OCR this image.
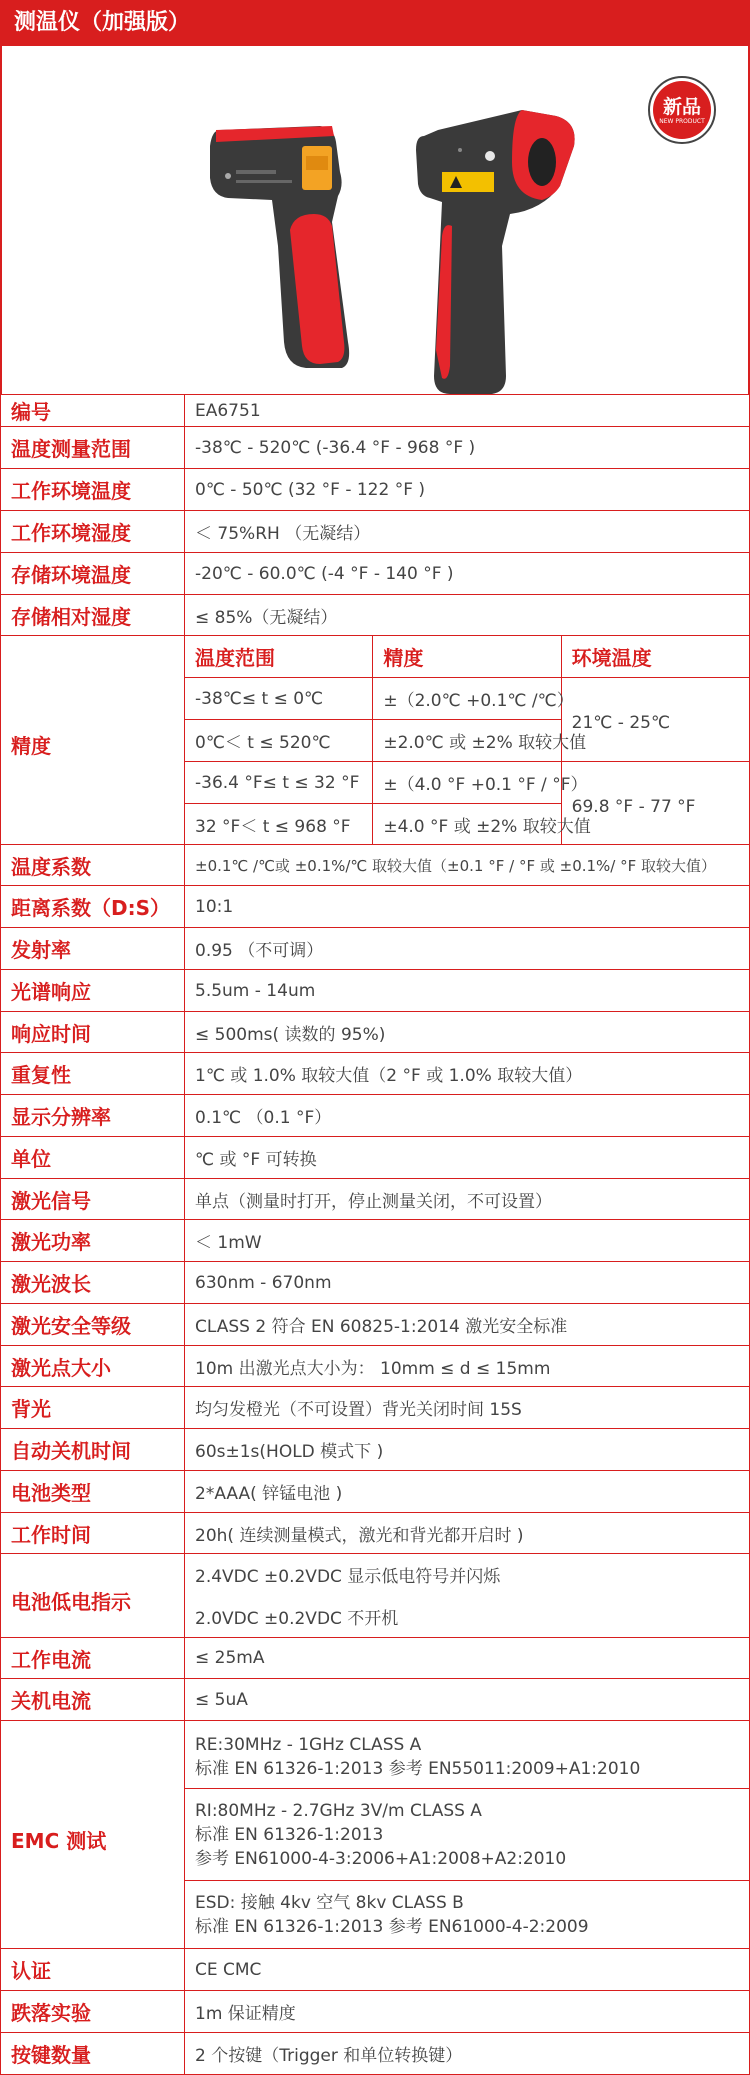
测温仪（加强版）
新品
NEW PRODUCT
编号	EA6751		
温度测量范围	-38℃ - 520℃ (-36.4 °F - 968 °F )		
工作环境温度	0℃ - 50℃ (32 °F - 122 °F )		
工作环境湿度	＜ 75%RH （无凝结）		
存储环境温度	-20℃ - 60.0℃ (-4 °F - 140 °F )		
存储相对湿度	≤ 85%（无凝结）		
精度	温度范围	精度	环境温度
	-38℃≤ t ≤ 0℃	±（2.0℃ +0.1℃ /℃）	21℃ - 25℃
	0℃＜ t ≤ 520℃	±2.0℃ 或 ±2% 取较大值	
	-36.4 °F≤ t ≤ 32 °F	±（4.0 °F +0.1 °F / °F）	69.8 °F - 77 °F
	32 °F＜ t ≤ 968 °F	±4.0 °F 或 ±2% 取较大值	
温度系数	±0.1℃ /℃或 ±0.1%/℃ 取较大值（±0.1 °F / °F 或 ±0.1%/ °F 取较大值）		
距离系数（D:S）	10:1		
发射率	0.95 （不可调）		
光谱响应	5.5um - 14um		
响应时间	≤ 500ms( 读数的 95%)		
重复性	1℃ 或 1.0% 取较大值（2 °F 或 1.0% 取较大值）		
显示分辨率	0.1℃ （0.1 °F）		
单位	℃ 或 °F 可转换		
激光信号	单点（测量时打开，停止测量关闭，不可设置）		
激光功率	＜ 1mW		
激光波长	630nm - 670nm		
激光安全等级	CLASS 2 符合 EN 60825-1:2014 激光安全标准		
激光点大小	10m 出激光点大小为： 10mm ≤ d ≤ 15mm		
背光	均匀发橙光（不可设置）背光关闭时间 15S		
自动关机时间	60s±1s(HOLD 模式下 )		
电池类型	2*AAA( 锌锰电池 )		
工作时间	20h( 连续测量模式，激光和背光都开启时 )		
电池低电指示	2.4VDC ±0.2VDC 显示低电符号并闪烁		
	2.0VDC ±0.2VDC 不开机		
工作电流	≤ 25mA		
关机电流	≤ 5uA		
EMC 测试	RE:30MHz - 1GHz CLASS A
标准 EN 61326-1:2013 参考 EN55011:2009+A1:2010		

	RI:80MHz - 2.7GHz 3V/m CLASS A
标准 EN 61326-1:2013
参考 EN61000-4-3:2006+A1:2008+A2:2010		

	ESD: 接触 4kv 空气 8kv CLASS B
标准 EN 61326-1:2013 参考 EN61000-4-2:2009		

认证	CE CMC		
跌落实验	1m 保证精度		
按键数量	2 个按键（Trigger 和单位转换键）		
